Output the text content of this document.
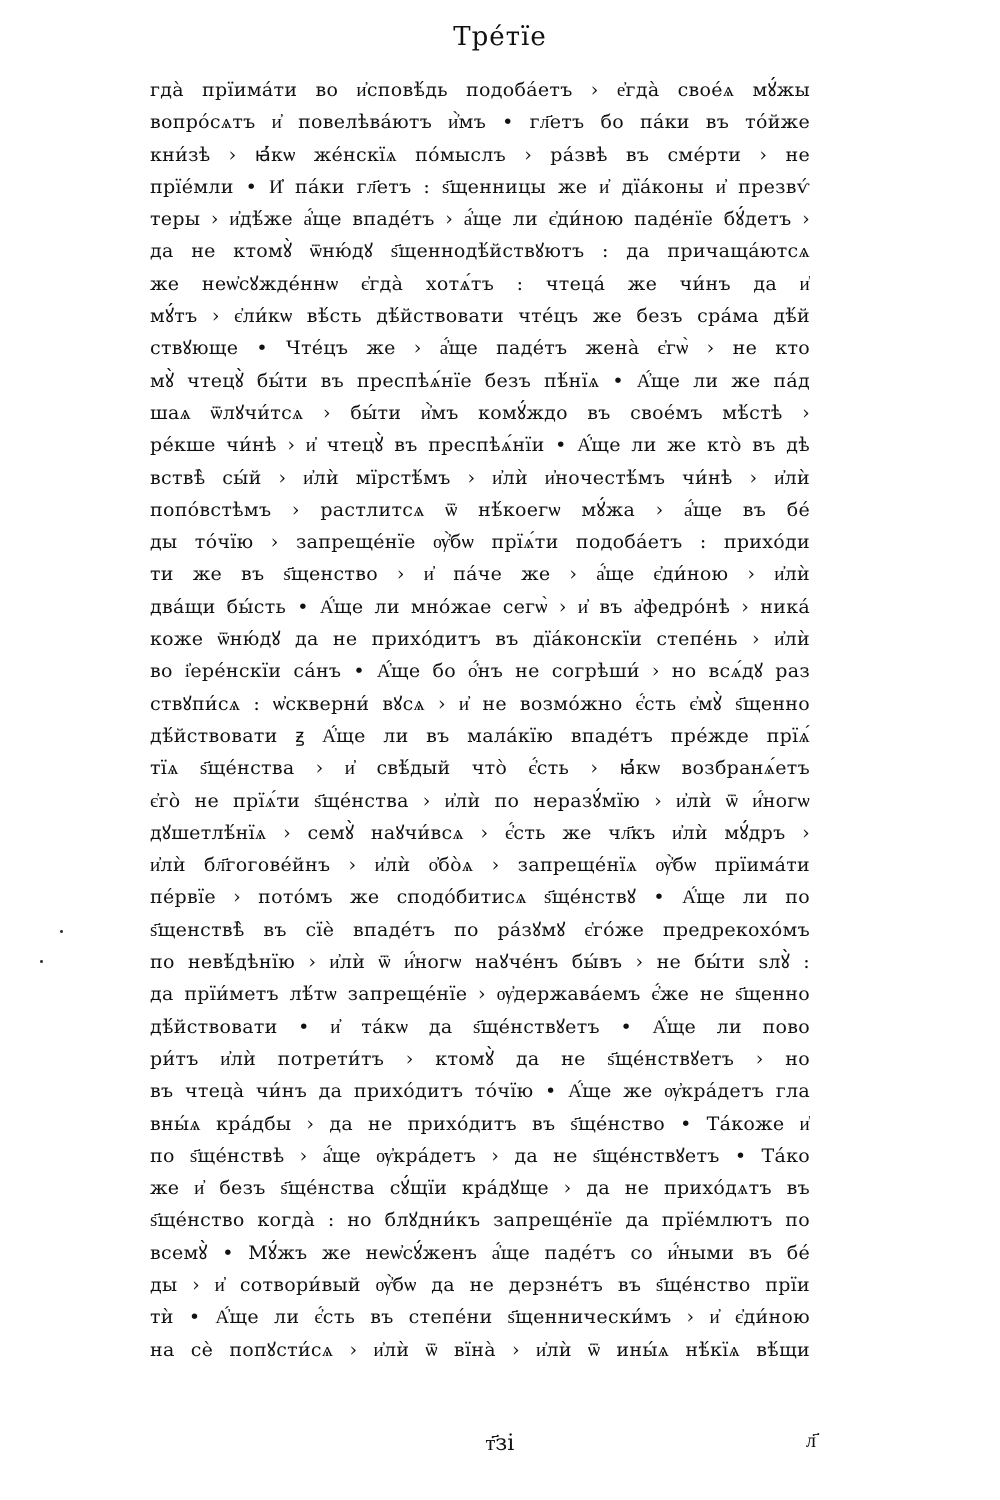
Тре́тїе
гда̀ прїима́ти во и҆сповѣ́дь подоба́етъ › е҆гда̀ свое́ѧ мꙋ́жы
вопро́сѧтъ и҆ повелѣва́ютъ и҆̀мъ • гл҃етъ бо па́ки въ то́йже
кни́зѣ › ꙗ҆́кѡ же́нскїѧ по́мыслъ › ра́звѣ въ сме́рти › не
прїе́мли • И҆ па́ки гл҃етъ : ѕ҃щенницы же и҆ дїа́коны и҆ презвѵ́
теры › и҆дѣ́же а҆́ще впаде́тъ › а҆́ще ли є҆ди́ною паде́нїе бꙋ́детъ ›
да не ктомꙋ̀ ѿню́дꙋ ѕ҃щеннодѣ́йствꙋютъ : да причаща́ютсѧ
же неѡ҆сꙋжде́ннѡ є҆гда̀ хотѧ́тъ : чтеца́ же чи́нъ да и҆
мꙋ́тъ › є҆ли́кѡ вѣ́сть дѣ́йствовати чте́цъ же безъ сра́ма дѣ́й
ствꙋюще • Чте́цъ же › а҆́ще паде́тъ жена̀ є҆гѡ̀ › не кто
мꙋ̀ чтецꙋ̀ бы́ти въ преспѣѧ́нїе безъ пѣ́нїѧ • А҆́ще ли же па́д
шаѧ ѿлꙋчи́тсѧ › бы́ти и҆̀мъ комꙋ́ждо въ свое́мъ мѣ́стѣ ›
ре́кше чи́нѣ › и҆ чтецꙋ̀ въ преспѣѧ́нїи • А҆́ще ли же кто̀ въ дѣ
вствѣ̀ сы́й › и҆лѝ мїрстѣ́мъ › и҆лѝ и҆ночестѣ́мъ чи́нѣ › и҆лѝ
попо́встѣмъ › растлитсѧ ѿ нѣ́коегѡ мꙋ́жа › а҆́ще въ бе́
ды то́чїю › запреще́нїе ѹ҆̀бѡ прїѧ́ти подоба́етъ : прихо́ди
ти же въ ѕ҃щенство › и҆ па́че же › а҆́ще є҆ди́ною › и҆лѝ
два́щи бы́сть • А҆́ще ли мно́жае сегѡ̀ › и҆ въ а҆федро́нѣ › ника́
коже ѿню́дꙋ да не прихо́дитъ въ дїа́конскїи степе́нь › и҆лѝ
во і҆ере́нскїи са́нъ • А҆́ще бо о҆́нъ не согрѣши́ › но всѧ́дꙋ раз
ствꙋпи́сѧ : ѡ҆скверни́ вꙋсѧ › и҆ не возмо́жно є҆́сть є҆мꙋ̀ ѕ҃щенно
дѣ́йствовати ꙃ А҆́ще ли въ мала́кїю впаде́тъ пре́жде прїѧ́
тїѧ ѕ҃ще́нства › и҆ свѣ́дый что̀ є҆́сть › ꙗ҆́кѡ возбранѧ́етъ
є҆го̀ не прїѧ́ти ѕ҃ще́нства › и҆лѝ по неразꙋ́мїю › и҆лѝ ѿ и҆́ногѡ
дꙋшетлѣ́нїѧ › семꙋ̀ наꙋчи́всѧ › є҆́сть же чл҃къ и҆лѝ мꙋ́дръ ›
и҆лѝ бл҃гогове́йнъ › и҆лѝ о҆бо̀ѧ › запреще́нїѧ ѹ҆̀бѡ прїима́ти
пе́рвїе › пото́мъ же сподо́битисѧ ѕ҃ще́нствꙋ • А҆́ще ли по
ѕ҃щенствѣ̀ въ сїѐ впаде́тъ по ра́зꙋмꙋ є҆го́же предрекохо́мъ
по невѣ́дѣнїю › и҆лѝ ѿ и҆́ногѡ наꙋче́нъ бы́въ › не бы́ти ѕлꙋ̀ :
да прїи́метъ лѣ́тѡ запреще́нїе › ѹ҆держава́емъ є҆́же не ѕ҃щенно
дѣ́йствовати • и҆ та́кѡ да ѕ҃ще́нствꙋетъ • А҆́ще ли пово
ри́тъ и҆лѝ потрети́тъ › ктомꙋ̀ да не ѕ҃ще́нствꙋетъ › но
въ чтеца̀ чи́нъ да прихо́дитъ то́чїю • А҆́ще же ѹ҆кра́детъ гла
вны́ѧ кра́дбы › да не прихо́дитъ въ ѕ҃ще́нство • Та́коже и҆
по ѕ҃ще́нствѣ › а҆́ще ѹ҆кра́детъ › да не ѕ҃ще́нствꙋетъ • Та́ко
же и҆ безъ ѕ҃ще́нства сꙋ́щїи кра́дꙋще › да не прихо́дѧтъ въ
ѕ҃ще́нство когда̀ : но блꙋдни́къ запреще́нїе да прїе́млютъ по
всемꙋ̀ • Мꙋ́жъ же неѡ҆сꙋ́женъ а҆́ще паде́тъ со и҆́ными въ бе́
ды › и҆ сотвори́вый ѹ҆̀бѡ да не дерзне́тъ въ ѕ҃ще́нство прїи
тѝ • А҆́ще ли є҆́сть въ степе́ни ѕ҃щеннически́мъ › и҆ є҆ди́ною
на сѐ попꙋсти́сѧ › и҆лѝ ѿ вїна̀ › и҆лѝ ѿ ины́ѧ нѣ́кїѧ вѣ́щи
т҃зі	л҃
